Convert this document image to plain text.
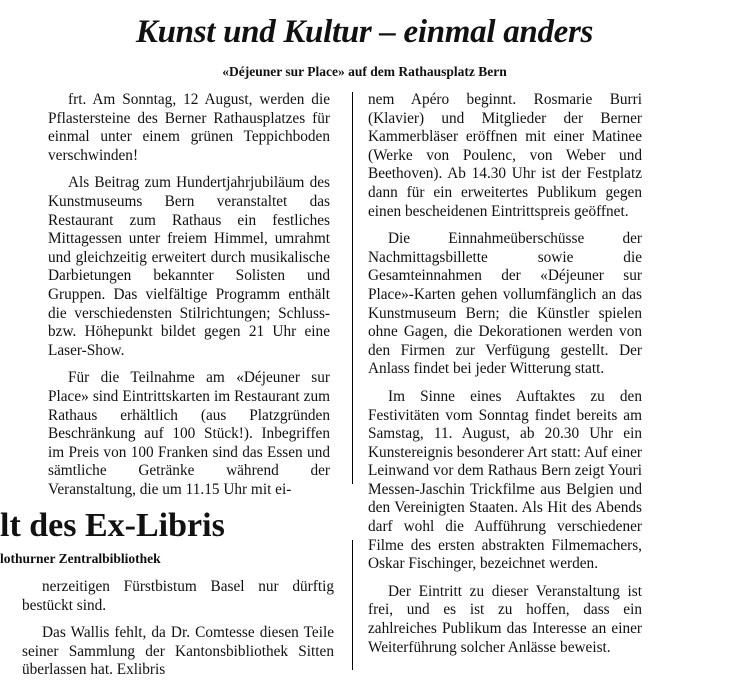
Kunst und Kultur – einmal anders
«Déjeuner sur Place» auf dem Rathausplatz Bern

frt. Am Sonntag, 12 August, werden die Pflastersteine des Berner Rathausplatzes für einmal unter einem grünen Teppichboden verschwinden!

Als Beitrag zum Hundertjahrjubiläum des Kunstmuseums Bern veranstaltet das Restaurant zum Rathaus ein festliches Mittagessen unter freiem Himmel, umrahmt und gleichzeitig erweitert durch musikalische Darbietungen bekannter Solisten und Gruppen. Das vielfältige Programm enthält die verschiedensten Stilrichtungen; Schluss- bzw. Höhepunkt bildet gegen 21 Uhr eine Laser-Show.

Für die Teilnahme am «Déjeuner sur Place» sind Eintrittskarten im Restaurant zum Rathaus erhältlich (aus Platzgründen Beschränkung auf 100 Stück!). Inbegriffen im Preis von 100 Franken sind das Essen und sämtliche Getränke während der Veranstaltung, die um 11.15 Uhr mit ei-

nem Apéro beginnt. Rosmarie Burri (Klavier) und Mitglieder der Berner Kammerbläser eröffnen mit einer Matinee (Werke von Poulenc, von Weber und Beethoven). Ab 14.30 Uhr ist der Festplatz dann für ein erweitertes Publikum gegen einen bescheidenen Eintrittspreis geöffnet.

Die Einnahmeüberschüsse der Nachmittagsbillette sowie die Gesamteinnahmen der «Déjeuner sur Place»-Karten gehen vollumfänglich an das Kunstmuseum Bern; die Künstler spielen ohne Gagen, die Dekorationen werden von den Firmen zur Verfügung gestellt. Der Anlass findet bei jeder Witterung statt.

Im Sinne eines Auftaktes zu den Festivitäten vom Sonntag findet bereits am Samstag, 11. August, ab 20.30 Uhr ein Kunstereignis besonderer Art statt: Auf einer Leinwand vor dem Rathaus Bern zeigt Youri Messen-Jaschin Trickfilme aus Belgien und den Vereinigten Staaten. Als Hit des Abends darf wohl die Aufführung verschiedener Filme des ersten abstrakten Filmemachers, Oskar Fischinger, bezeichnet werden.

Der Eintritt zu dieser Veranstaltung ist frei, und es ist zu hoffen, dass ein zahlreiches Publikum das Interesse an einer Weiterführung solcher Anlässe beweist.

lt des Ex-Libris
lothurner Zentralbibliothek

nerzeitigen Fürstbistum Basel nur dürftig bestückt sind.

Das Wallis fehlt, da Dr. Comtesse diesen Teile seiner Sammlung der Kantonsbibliothek Sitten überlassen hat. Exlibris
